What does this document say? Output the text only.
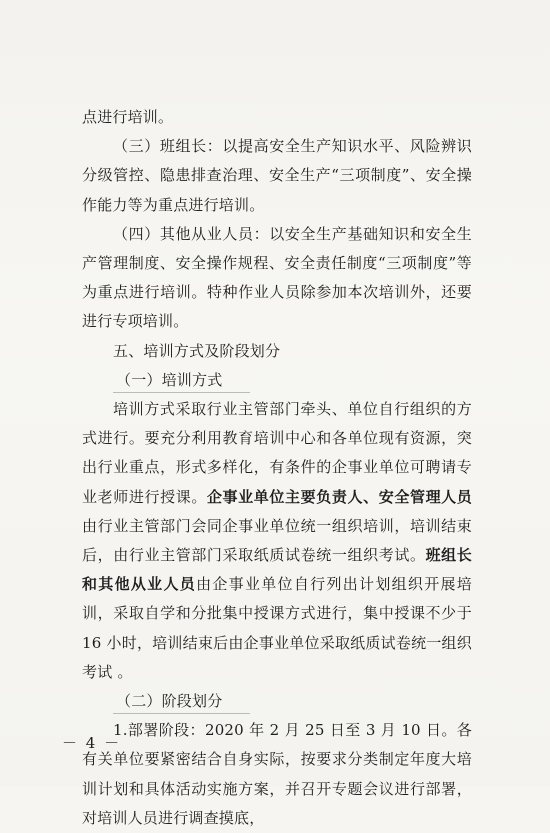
点进行培训。

（三）班组长：以提高安全生产知识水平、风险辨识分级管控、隐患排查治理、安全生产“三项制度”、安全操作能力等为重点进行培训。

（四）其他从业人员：以安全生产基础知识和安全生产管理制度、安全操作规程、安全责任制度“三项制度”等为重点进行培训。特种作业人员除参加本次培训外，还要进行专项培训。

五、培训方式及阶段划分

（一）培训方式

培训方式采取行业主管部门牵头、单位自行组织的方式进行。要充分利用教育培训中心和各单位现有资源，突出行业重点，形式多样化，有条件的企事业单位可聘请专业老师进行授课。企事业单位主要负责人、安全管理人员由行业主管部门会同企事业单位统一组织培训，培训结束后，由行业主管部门采取纸质试卷统一组织考试。班组长和其他从业人员由企事业单位自行列出计划组织开展培训，采取自学和分批集中授课方式进行，集中授课不少于 16 小时，培训结束后由企事业单位采取纸质试卷统一组织考试 。

（二）阶段划分

1.部署阶段：2020 年 2 月 25 日至 3 月 10 日。各有关单位要紧密结合自身实际，按要求分类制定年度大培训计划和具体活动实施方案，并召开专题会议进行部署，对培训人员进行调查摸底，

－ 4 －
